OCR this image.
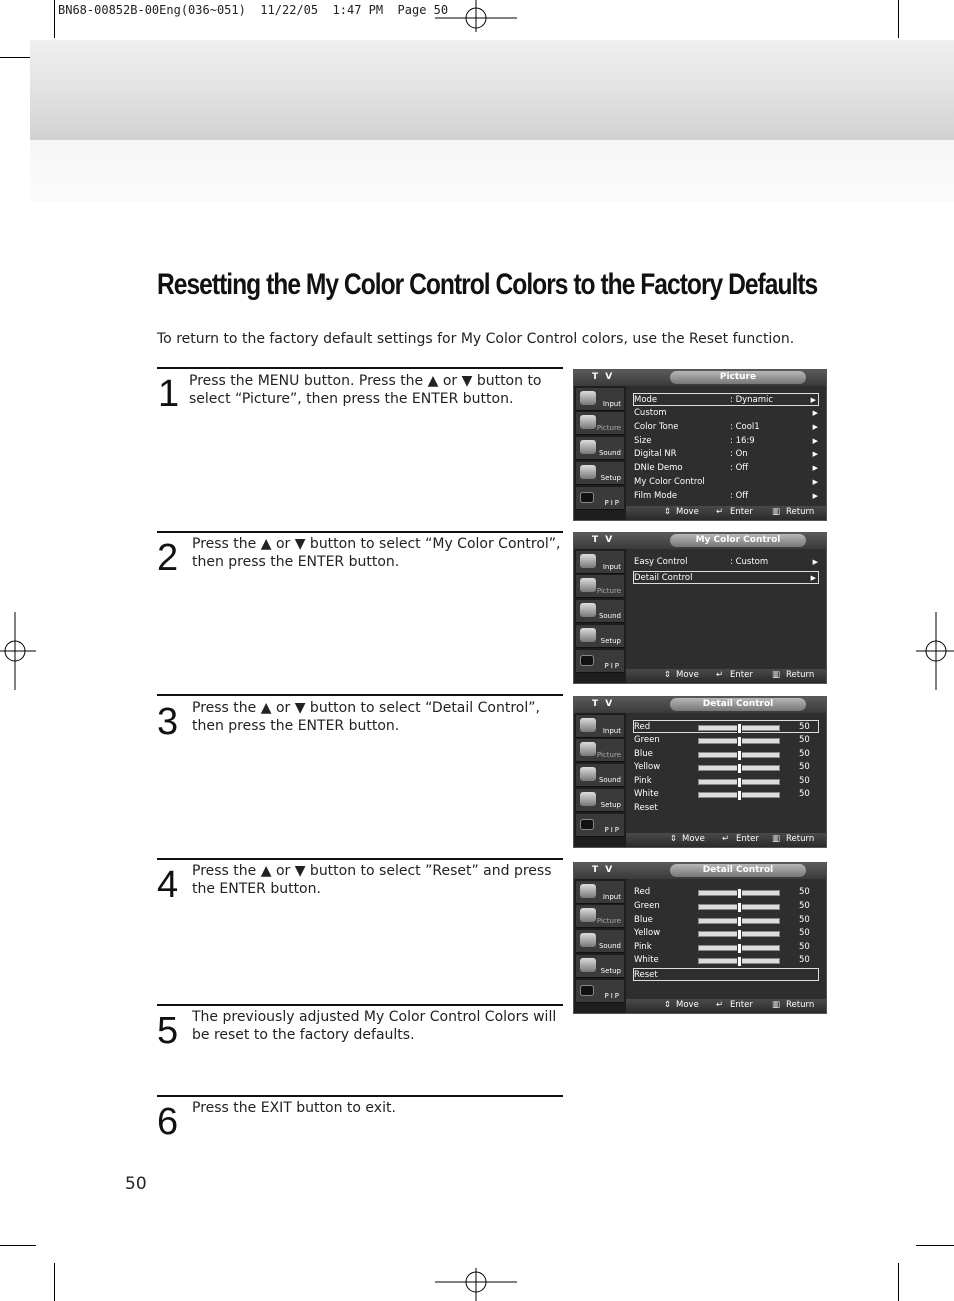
BN68-00852B-00Eng(036~051)  11/22/05  1:47 PM  Page 50
Resetting the My Color Control Colors to the Factory Defaults
To return to the factory default settings for My Color Control colors, use the Reset function.
1 Press the MENU button. Press the ▲ or ▼ button to select “Picture”, then press the ENTER button.
2 Press the ▲ or ▼ button to select “My Color Control”, then press the ENTER button.
3 Press the ▲ or ▼ button to select “Detail Control”, then press the ENTER button.
4 Press the ▲ or ▼ button to select ”Reset” and press the ENTER button.
5 The previously adjusted My Color Control Colors will be reset to the factory defaults.
6 Press the EXIT button to exit.
T V	Picture
Input
Picture
Sound
Setup
PIP
Mode	: Dynamic	▶
Custom	▶
Color Tone	: Cool1	▶
Size	: 16:9	▶
Digital NR	: On	▶
DNIe Demo	: Off	▶
My Color Control	▶
Film Mode	: Off	▶
⇕ Move ↵ Enter ▥ Return
T V	My Color Control
Input
Picture
Sound
Setup
PIP
Easy Control	: Custom	▶
Detail Control	▶
⇕ Move ↵ Enter ▥ Return
T V	Detail Control
Input
Picture
Sound
Setup
PIP
Red	50
Green	50
Blue	50
Yellow	50
Pink	50
White	50
Reset
⇕ Move ↵ Enter ▥ Return
T V	Detail Control
Input
Picture
Sound
Setup
PIP
Red	50
Green	50
Blue	50
Yellow	50
Pink	50
White	50
Reset
⇕ Move ↵ Enter ▥ Return
50
